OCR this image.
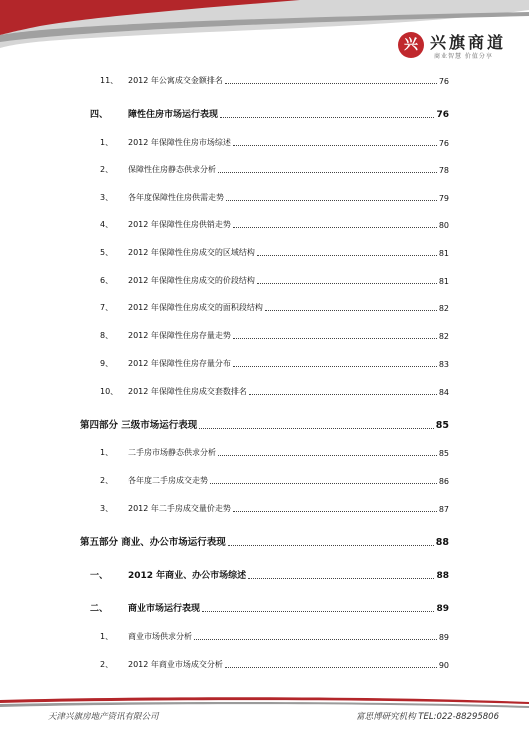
兴 兴旗商道
商业智慧 价值分享
11、 2012 年公寓成交金额排名	76
四、 障性住房市场运行表现	76
1、 2012 年保障性住房市场综述	76
2、 保障性住房静态供求分析	78
3、 各年度保障性住房供需走势	79
4、 2012 年保障性住房供销走势	80
5、 2012 年保障性住房成交的区域结构	81
6、 2012 年保障性住房成交的价段结构	81
7、 2012 年保障性住房成交的面积段结构	82
8、 2012 年保障性住房存量走势	82
9、 2012 年保障性住房存量分布	83
10、 2012 年保障性住房成交套数排名	84
第四部分 三级市场运行表现	85
1、 二手房市场静态供求分析	85
2、 各年度二手房成交走势	86
3、 2012 年二手房成交量价走势	87
第五部分 商业、办公市场运行表现	88
一、 2012 年商业、办公市场综述	88
二、 商业市场运行表现	89
1、 商业市场供求分析	89
2、 2012 年商业市场成交分析	90
天津兴旗房地产资讯有限公司	富思博研究机构 TEL:022-88295806
